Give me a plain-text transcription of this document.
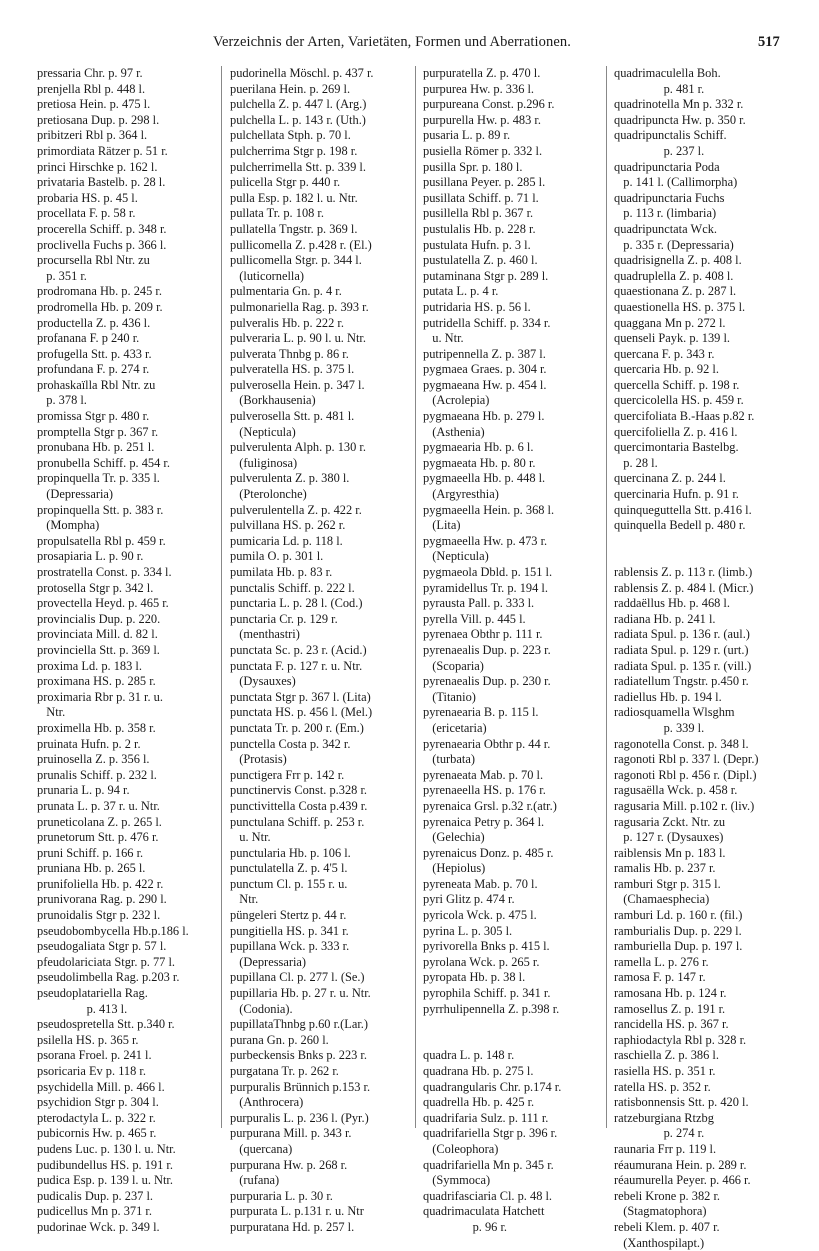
Verzeichnis der Arten, Varietäten, Formen und Aberrationen.	517
pressaria Chr. p. 97 r.
prenjella Rbl p. 448 l.
pretiosa Hein. p. 475 l.
pretiosana Dup. p. 298 l.
pribitzeri Rbl p. 364 l.
primordiata Rätzer p. 51 r.
princi Hirschke p. 162 l.
privataria Bastelb. p. 28 l.
probaria HS. p. 45 l.
procellata F. p. 58 r.
procerella Schiff. p. 348 r.
proclivella Fuchs p. 366 l.
procursella Rbl Ntr. zu
p. 351 r.
prodromana Hb. p. 245 r.
prodromella Hb. p. 209 r.
productella Z. p. 436 l.
profanana F. p 240 r.
profugella Stt. p. 433 r.
profundana F. p. 274 r.
prohaskaïlla Rbl Ntr. zu
p. 378 l.
promissa Stgr p. 480 r.
promptella Stgr p. 367 r.
pronubana Hb. p. 251 l.
pronubella Schiff. p. 454 r.
propinquella Tr. p. 335 l.
(Depressaria)
propinquella Stt. p. 383 r.
(Mompha)
propulsatella Rbl p. 459 r.
prosapiaria L. p. 90 r.
prostratella Const. p. 334 l.
protosella Stgr p. 342 l.
provectella Heyd. p. 465 r.
provincialis Dup. p. 220.
provinciata Mill. d. 82 l.
provinciella Stt. p. 369 l.
proxima Ld. p. 183 l.
proximana HS. p. 285 r.
proximaria Rbr p. 31 r. u.
Ntr.
proximella Hb. p. 358 r.
pruinata Hufn. p. 2 r.
pruinosella Z. p. 356 l.
prunalis Schiff. p. 232 l.
prunaria L. p. 94 r.
prunata L. p. 37 r. u. Ntr.
pruneticolana Z. p. 265 l.
prunetorum Stt. p. 476 r.
pruni Schiff. p. 166 r.
pruniana Hb. p. 265 l.
prunifoliella Hb. p. 422 r.
prunivorana Rag. p. 290 l.
prunoidalis Stgr p. 232 l.
pseudobombycella Hb.p.186 l.
pseudogaliata Stgr p. 57 l.
pfeudolariciata Stgr. p. 77 l.
pseudolimbella Rag. p.203 r.
pseudoplatariella Rag.
p. 413 l.
pseudospretella Stt. p.340 r.
psilella HS. p. 365 r.
psorana Froel. p. 241 l.
psoricaria Ev p. 118 r.
psychidella Mill. p. 466 l.
psychidion Stgr p. 304 l.
pterodactyla L. p. 322 r.
pubicornis Hw. p. 465 r.
pudens Luc. p. 130 l. u. Ntr.
pudibundellus HS. p. 191 r.
pudica Esp. p. 139 l. u. Ntr.
pudicalis Dup. p. 237 l.
pudicellus Mn p. 371 r.
pudorinae Wck. p. 349 l.
pudorinella Möschl. p. 437 r.
puerilana Hein. p. 269 l.
pulchella Z. p. 447 l. (Arg.)
pulchella L. p. 143 r. (Uth.)
pulchellata Stph. p. 70 l.
pulcherrima Stgr p. 198 r.
pulcherrimella Stt. p. 339 l.
pulicella Stgr p. 440 r.
pulla Esp. p. 182 l. u. Ntr.
pullata Tr. p. 108 r.
pullatella Tngstr. p. 369 l.
pullicomella Z. p.428 r. (El.)
pullicomella Stgr. p. 344 l.
(luticornella)
pulmentaria Gn. p. 4 r.
pulmonariella Rag. p. 393 r.
pulveralis Hb. p. 222 r.
pulveraria L. p. 90 l. u. Ntr.
pulverata Thnbg p. 86 r.
pulveratella HS. p. 375 l.
pulverosella Hein. p. 347 l.
(Borkhausenia)
pulverosella Stt. p. 481 l.
(Nepticula)
pulverulenta Alph. p. 130 r.
(fuliginosa)
pulverulenta Z. p. 380 l.
(Pterolonche)
pulverulentella Z. p. 422 r.
pulvillana HS. p. 262 r.
pumicaria Ld. p. 118 l.
pumila O. p. 301 l.
pumilata Hb. p. 83 r.
punctalis Schiff. p. 222 l.
punctaria L. p. 28 l. (Cod.)
punctaria Cr. p. 129 r.
(menthastri)
punctata Sc. p. 23 r. (Acid.)
punctata F. p. 127 r. u. Ntr.
(Dysauxes)
punctata Stgr p. 367 l. (Lita)
punctata HS. p. 456 l. (Mel.)
punctata Tr. p. 200 r. (Em.)
punctella Costa p. 342 r.
(Protasis)
punctigera Frr p. 142 r.
punctinervis Const. p.328 r.
punctivittella Costa p.439 r.
punctulana Schiff. p. 253 r.
u. Ntr.
punctularia Hb. p. 106 l.
punctulatella Z. p. 4'5 l.
punctum Cl. p. 155 r. u.
Ntr.
püngeleri Stertz p. 44 r.
pungitiella HS. p. 341 r.
pupillana Wck. p. 333 r.
(Depressaria)
pupillana Cl. p. 277 l. (Se.)
pupillaria Hb. p. 27 r. u. Ntr.
(Codonia).
pupillataThnbg p.60 r.(Lar.)
purana Gn. p. 260 l.
purbeckensis Bnks p. 223 r.
purgatana Tr. p. 262 r.
purpuralis Brünnich p.153 r.
(Anthrocera)
purpuralis L. p. 236 l. (Pyr.)
purpurana Mill. p. 343 r.
(quercana)
purpurana Hw. p. 268 r.
(rufana)
purpuraria L. p. 30 r.
purpurata L. p.131 r. u. Ntr
purpuratana Hd. p. 257 l.
purpuratella Z. p. 470 l.
purpurea Hw. p. 336 l.
purpureana Const. p.296 r.
purpurella Hw. p. 483 r.
pusaria L. p. 89 r.
pusiella Römer p. 332 l.
pusilla Spr. p. 180 l.
pusillana Peyer. p. 285 l.
pusillata Schiff. p. 71 l.
pusillella Rbl p. 367 r.
pustulalis Hb. p. 228 r.
pustulata Hufn. p. 3 l.
pustulatella Z. p. 460 l.
putaminana Stgr p. 289 l.
putata L. p. 4 r.
putridaria HS. p. 56 l.
putridella Schiff. p. 334 r.
u. Ntr.
putripennella Z. p. 387 l.
pygmaea Graes. p. 304 r.
pygmaeana Hw. p. 454 l.
(Acrolepia)
pygmaeana Hb. p. 279 l.
(Asthenia)
pygmaearia Hb. p. 6 l.
pygmaeata Hb. p. 80 r.
pygmaeella Hb. p. 448 l.
(Argyresthia)
pygmaeella Hein. p. 368 l.
(Lita)
pygmaeella Hw. p. 473 r.
(Nepticula)
pygmaeola Dbld. p. 151 l.
pyramidellus Tr. p. 194 l.
pyrausta Pall. p. 333 l.
pyrella Vill. p. 445 l.
pyrenaea Obthr p. 111 r.
pyrenaealis Dup. p. 223 r.
(Scoparia)
pyrenaealis Dup. p. 230 r.
(Titanio)
pyrenaearia B. p. 115 l.
(ericetaria)
pyrenaearia Obthr p. 44 r.
(turbata)
pyrenaeata Mab. p. 70 l.
pyrenaeella HS. p. 176 r.
pyrenaica Grsl. p.32 r.(atr.)
pyrenaica Petry p. 364 l.
(Gelechia)
pyrenaicus Donz. p. 485 r.
(Hepiolus)
pyreneata Mab. p. 70 l.
pyri Glitz p. 474 r.
pyricola Wck. p. 475 l.
pyrina L. p. 305 l.
pyrivorella Bnks p. 415 l.
pyrolana Wck. p. 265 r.
pyropata Hb. p. 38 l.
pyrophila Schiff. p. 341 r.
pyrrhulipennella Z. p.398 r.
quadra L. p. 148 r.
quadrana Hb. p. 275 l.
quadrangularis Chr. p.174 r.
quadrella Hb. p. 425 r.
quadrifaria Sulz. p. 111 r.
quadrifariella Stgr p. 396 r.
(Coleophora)
quadrifariella Mn p. 345 r.
(Symmoca)
quadrifasciaria Cl. p. 48 l.
quadrimaculata Hatchett
p. 96 r.
quadrimaculella Boh.
p. 481 r.
quadrinotella Mn p. 332 r.
quadripuncta Hw. p. 350 r.
quadripunctalis Schiff.
p. 237 l.
quadripunctaria Poda
p. 141 l. (Callimorpha)
quadripunctaria Fuchs
p. 113 r. (limbaria)
quadripunctata Wck.
p. 335 r. (Depressaria)
quadrisignella Z. p. 408 l.
quadruplella Z. p. 408 l.
quaestionana Z. p. 287 l.
quaestionella HS. p. 375 l.
quaggana Mn p. 272 l.
quenseli Payk. p. 139 l.
quercana F. p. 343 r.
quercaria Hb. p. 92 l.
quercella Schiff. p. 198 r.
quercicolella HS. p. 459 r.
quercifoliata B.-Haas p.82 r.
quercifoliella Z. p. 416 l.
quercimontaria Bastelbg.
p. 28 l.
quercinana Z. p. 244 l.
quercinaria Hufn. p. 91 r.
quinqueguttella Stt. p.416 l.
quinquella Bedell p. 480 r.
rablensis Z. p. 113 r. (limb.)
rablensis Z. p. 484 l. (Micr.)
raddaëllus Hb. p. 468 l.
radiana Hb. p. 241 l.
radiata Spul. p. 136 r. (aul.)
radiata Spul. p. 129 r. (urt.)
radiata Spul. p. 135 r. (vill.)
radiatellum Tngstr. p.450 r.
radiellus Hb. p. 194 l.
radiosquamella Wlsghm
p. 339 l.
ragonotella Const. p. 348 l.
ragonoti Rbl p. 337 l. (Depr.)
ragonoti Rbl p. 456 r. (Dipl.)
ragusaëlla Wck. p. 458 r.
ragusaria Mill. p.102 r. (liv.)
ragusaria Zckt. Ntr. zu
p. 127 r. (Dysauxes)
raiblensis Mn p. 183 l.
ramalis Hb. p. 237 r.
ramburi Stgr p. 315 l.
(Chamaesphecia)
ramburi Ld. p. 160 r. (fil.)
ramburialis Dup. p. 229 l.
ramburiella Dup. p. 197 l.
ramella L. p. 276 r.
ramosa F. p. 147 r.
ramosana Hb. p. 124 r.
ramosellus Z. p. 191 r.
rancidella HS. p. 367 r.
raphiodactyla Rbl p. 328 r.
raschiella Z. p. 386 l.
rasiella HS. p. 351 r.
ratella HS. p. 352 r.
ratisbonnensis Stt. p. 420 l.
ratzeburgiana Rtzbg
p. 274 r.
raunaria Frr p. 119 l.
réaumurana Hein. p. 289 r.
réaumurella Peyer. p. 466 r.
rebeli Krone p. 382 r.
(Stagmatophora)
rebeli Klem. p. 407 r.
(Xanthospilapt.)
